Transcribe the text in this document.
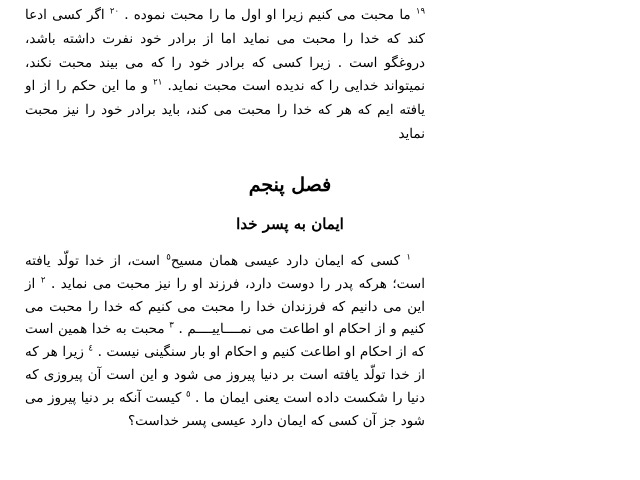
$^{١٩}$ ما محبت می کنیم زیرا او اول ما را محبت نموده . $^{٢٠}$ اگر کسی ادعا کند که خدا را محبت می نماید اما از برادر خود نفرت داشته باشد، دروغگو است . زیرا کسی که برادر خود را که می بیند محبت نکند، نمیتواند خدایی را که ندیده است محبت نماید. $^{٢١}$ و ما این حکم را از او یافته ایم که هر که خدا را محبت می کند، باید برادر خود را نیز محبت نماید

فصل پنجم
ایمان به پسر خدا

$^١$ کسی که ایمان دارد عیسی همان مسیح$^٥$ است، از خدا تولّد یافته است؛ هرکه پدر را دوست دارد، فرزند او را نیز محبت می نماید . $^٢$ از این می دانیم که فرزندان خدا را محبت می کنیم که خدا را محبت می کنیم و از احکام او اطاعت می نمــــاییــــم . $^٣$ محبت به خدا همین است که از احکام او اطاعت کنیم و احکام او بار سنگینی نیست . $^٤$ زیرا هر که از خدا تولّد یافته است بر دنیا پیروز می شود و این است آن پیروزی که دنیا را شکست داده است یعنی ایمان ما . $^٥$ کیست آنکه بر دنیا پیروز می شود جز آن کسی که ایمان دارد عیسی پسر خداست؟
